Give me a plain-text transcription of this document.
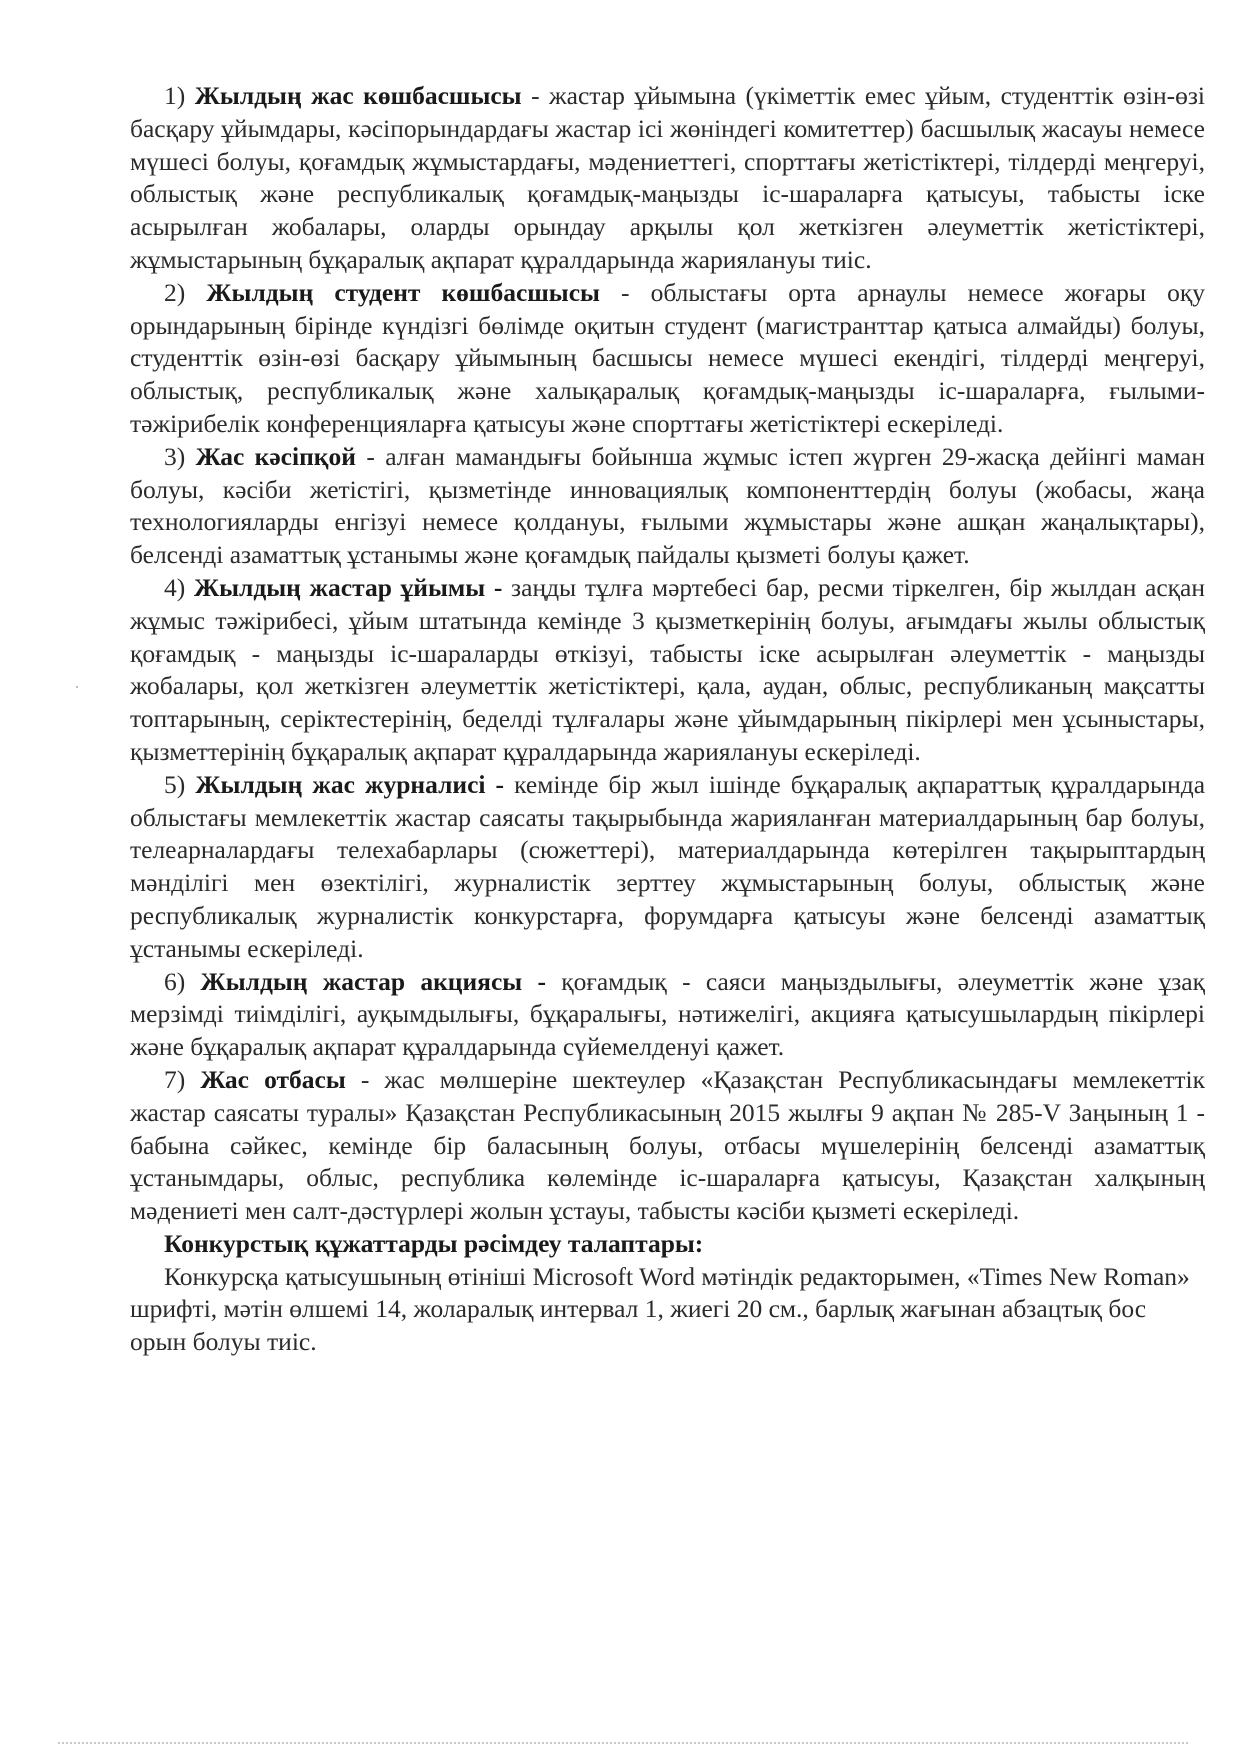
1) Жылдың жас көшбасшысы - жастар ұйымына (үкіметтік емес ұйым, студенттік өзін-өзі басқару ұйымдары, кәсіпорындардағы жастар ісі жөніндегі комитеттер) басшылық жасауы немесе мүшесі болуы, қоғамдық жұмыстардағы, мәдениеттегі, спорттағы жетістіктері, тілдерді меңгеруі, облыстық және республикалық қоғамдық-маңызды іс-шараларға қатысуы, табысты іске асырылған жобалары, оларды орындау арқылы қол жеткізген әлеуметтік жетістіктері, жұмыстарының бұқаралық ақпарат құралдарында жариялануы тиіс.

2) Жылдың студент көшбасшысы - облыстағы орта арнаулы немесе жоғары оқу орындарының бірінде күндізгі бөлімде оқитын студент (магистранттар қатыса алмайды) болуы, студенттік өзін-өзі басқару ұйымының басшысы немесе мүшесі екендігі, тілдерді меңгеруі, облыстық, республикалық және халықаралық қоғамдық-маңызды іс-шараларға, ғылыми-тәжірибелік конференцияларға қатысуы және спорттағы жетістіктері ескеріледі.

3) Жас кәсіпқой - алған мамандығы бойынша жұмыс істеп жүрген 29-жасқа дейінгі маман болуы, кәсіби жетістігі, қызметінде инновациялық компоненттердің болуы (жобасы, жаңа технологияларды енгізуі немесе қолдануы, ғылыми жұмыстары және ашқан жаңалықтары), белсенді азаматтық ұстанымы және қоғамдық пайдалы қызметі болуы қажет.

4) Жылдың жастар ұйымы - заңды тұлға мәртебесі бар, ресми тіркелген, бір жылдан асқан жұмыс тәжірибесі, ұйым штатында кемінде 3 қызметкерінің болуы, ағымдағы жылы облыстық қоғамдық - маңызды іс-шараларды өткізуі, табысты іске асырылған әлеуметтік - маңызды жобалары, қол жеткізген әлеуметтік жетістіктері, қала, аудан, облыс, республиканың мақсатты топтарының, серіктестерінің, беделді тұлғалары және ұйымдарының пікірлері мен ұсыныстары, қызметтерінің бұқаралық ақпарат құралдарында жариялануы ескеріледі.

5) Жылдың жас журналисі - кемінде бір жыл ішінде бұқаралық ақпараттық құралдарында облыстағы мемлекеттік жастар саясаты тақырыбында жарияланған материалдарының бар болуы, телеарналардағы телехабарлары (сюжеттері), материалдарында көтерілген тақырыптардың мәнділігі мен өзектілігі, журналистік зерттеу жұмыстарының болуы, облыстық және республикалық журналистік конкурстарға, форумдарға қатысуы және белсенді азаматтық ұстанымы ескеріледі.

6) Жылдың жастар акциясы - қоғамдық - саяси маңыздылығы, әлеуметтік және ұзақ мерзімді тиімділігі, ауқымдылығы, бұқаралығы, нәтижелігі, акцияға қатысушылардың пікірлері және бұқаралық ақпарат құралдарында сүйемелденуі қажет.

7) Жас отбасы - жас мөлшеріне шектеулер «Қазақстан Республикасындағы мемлекеттік жастар саясаты туралы» Қазақстан Республикасының 2015 жылғы 9 ақпан № 285-V Заңының 1 - бабына сәйкес, кемінде бір баласының болуы, отбасы мүшелерінің белсенді азаматтық ұстанымдары, облыс, республика көлемінде іс-шараларға қатысуы, Қазақстан халқының мәдениеті мен салт-дәстүрлері жолын ұстауы, табысты кәсіби қызметі ескеріледі.

Конкурстық құжаттарды рәсімдеу талаптары:

Конкурсқа қатысушының өтініші Microsoft Word мәтіндік редакторымен, «Times New Roman» шрифті, мәтін өлшемі 14, жоларалық интервал 1, жиегі 20 см., барлық жағынан абзацтық бос орын болуы тиіс.
